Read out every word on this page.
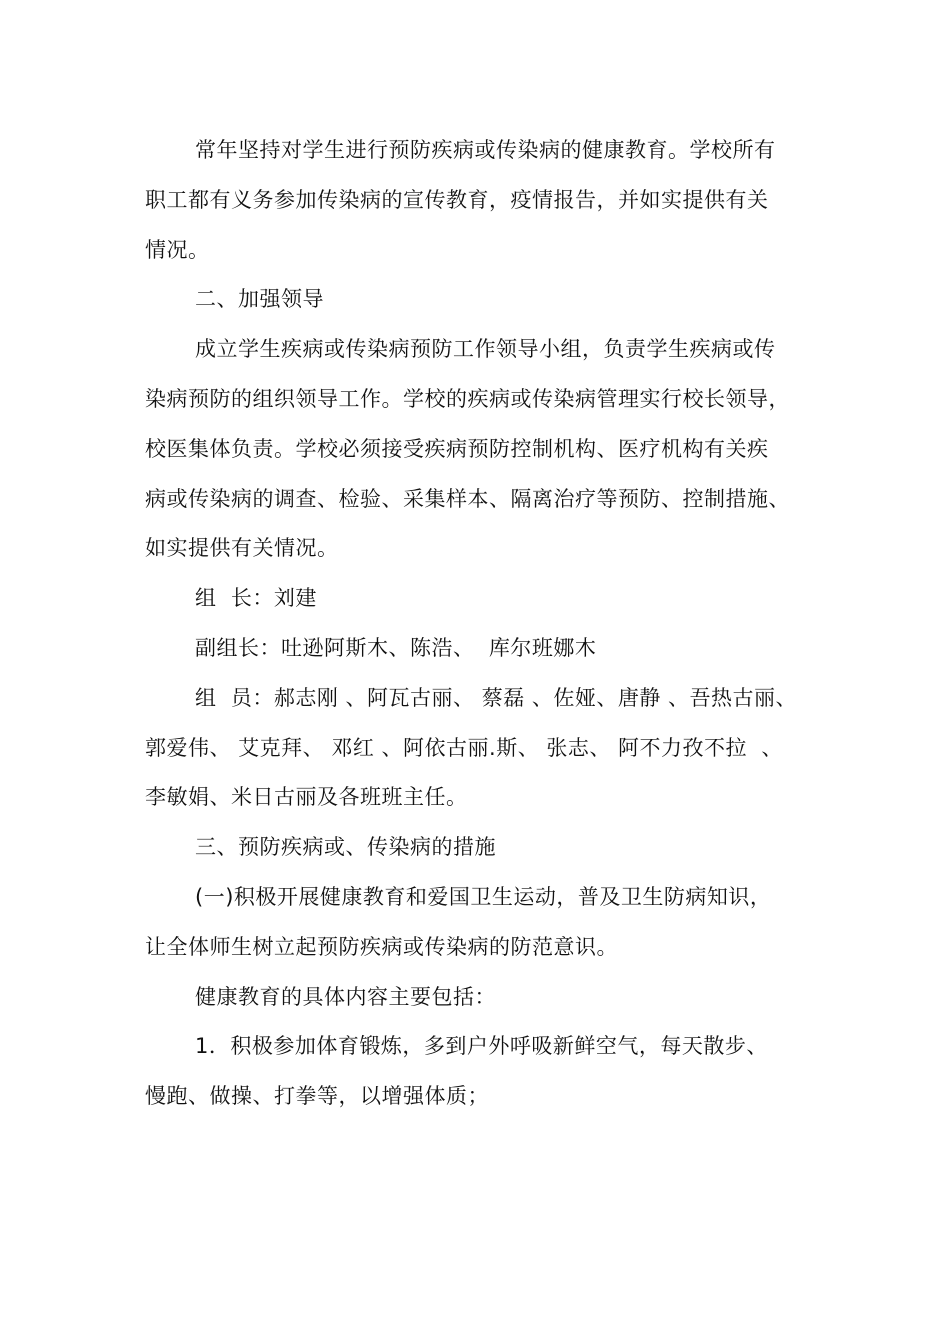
常年坚持对学生进行预防疾病或传染病的健康教育。学校所有
职工都有义务参加传染病的宣传教育，疫情报告，并如实提供有关
情况。
二、加强领导
成立学生疾病或传染病预防工作领导小组，负责学生疾病或传
染病预防的组织领导工作。学校的疾病或传染病管理实行校长领导，
校医集体负责。学校必须接受疾病预防控制机构、医疗机构有关疾
病或传染病的调查、检验、采集样本、隔离治疗等预防、控制措施、
如实提供有关情况。
组  长：刘建
副组长：吐逊阿斯木、陈浩、  库尔班娜木
组  员：郝志刚 、阿瓦古丽、 蔡磊 、佐娅、唐静 、吾热古丽、
郭爱伟、 艾克拜、 邓红 、阿依古丽.斯、 张志、 阿不力孜不拉  、
李敏娟、米日古丽及各班班主任。
三、预防疾病或、传染病的措施
(一)积极开展健康教育和爱国卫生运动，普及卫生防病知识，
让全体师生树立起预防疾病或传染病的防范意识。
健康教育的具体内容主要包括：
1．积极参加体育锻炼，多到户外呼吸新鲜空气，每天散步、
慢跑、做操、打拳等，以增强体质；
